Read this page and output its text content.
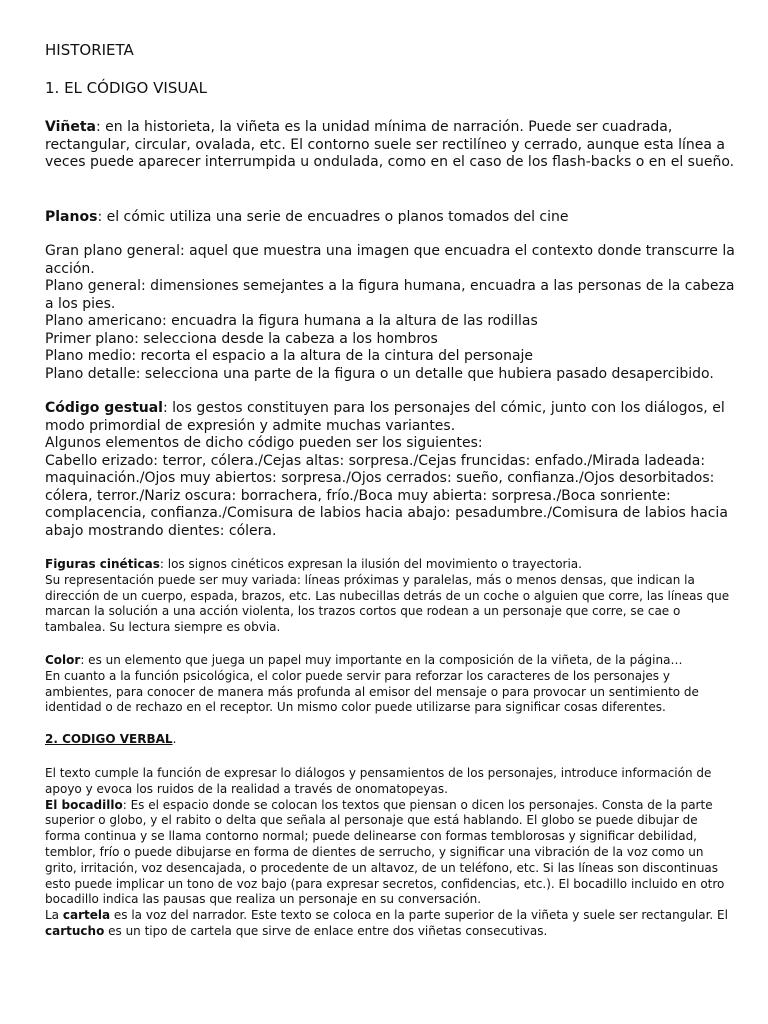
HISTORIETA

1. EL CÓDIGO VISUAL

Viñeta: en la historieta, la viñeta es la unidad mínima de narración. Puede ser cuadrada, rectangular, circular, ovalada, etc. El contorno suele ser rectilíneo y cerrado, aunque esta línea a veces puede aparecer interrumpida u ondulada, como en el caso de los flash-backs o en el sueño.

Planos: el cómic utiliza una serie de encuadres o planos tomados del cine

Gran plano general: aquel que muestra una imagen que encuadra el contexto donde transcurre la acción.

Plano general: dimensiones semejantes a la figura humana, encuadra a las personas de la cabeza a los pies.

Plano americano: encuadra la figura humana a la altura de las rodillas

Primer plano: selecciona desde la cabeza a los hombros

Plano medio: recorta el espacio a la altura de la cintura del personaje

Plano detalle: selecciona una parte de la figura o un detalle que hubiera pasado desapercibido.

Código gestual: los gestos constituyen para los personajes del cómic, junto con los diálogos, el modo primordial de expresión y admite muchas variantes.

Algunos elementos de dicho código pueden ser los siguientes:

Cabello erizado: terror, cólera./Cejas altas: sorpresa./Cejas fruncidas: enfado./Mirada ladeada: maquinación./Ojos muy abiertos: sorpresa./Ojos cerrados: sueño, confianza./Ojos desorbitados: cólera, terror./Nariz oscura: borrachera, frío./Boca muy abierta: sorpresa./Boca sonriente: complacencia, confianza./Comisura de labios hacia abajo: pesadumbre./Comisura de labios hacia abajo mostrando dientes: cólera.

Figuras cinéticas: los signos cinéticos expresan la ilusión del movimiento o trayectoria.

Su representación puede ser muy variada: líneas próximas y paralelas, más o menos densas, que indican la dirección de un cuerpo, espada, brazos, etc. Las nubecillas detrás de un coche o alguien que corre, las líneas que marcan la solución a una acción violenta, los trazos cortos que rodean a un personaje que corre, se cae o tambalea. Su lectura siempre es obvia.

Color: es un elemento que juega un papel muy importante en la composición de la viñeta, de la página…

En cuanto a la función psicológica, el color puede servir para reforzar los caracteres de los personajes y ambientes, para conocer de manera más profunda al emisor del mensaje o para provocar un sentimiento de identidad o de rechazo en el receptor. Un mismo color puede utilizarse para significar cosas diferentes.

2. CODIGO VERBAL.

El texto cumple la función de expresar lo diálogos y pensamientos de los personajes, introduce información de apoyo y evoca los ruidos de la realidad a través de onomatopeyas.

El bocadillo: Es el espacio donde se colocan los textos que piensan o dicen los personajes. Consta de la parte superior o globo, y el rabito o delta que señala al personaje que está hablando. El globo se puede dibujar de forma continua y se llama contorno normal; puede delinearse con formas temblorosas y significar debilidad, temblor, frío o puede dibujarse en forma de dientes de serrucho, y significar una vibración de la voz como un grito, irritación, voz desencajada, o procedente de un altavoz, de un teléfono, etc. Si las líneas son discontinuas esto puede implicar un tono de voz bajo (para expresar secretos, confidencias, etc.). El bocadillo incluido en otro bocadillo indica las pausas que realiza un personaje en su conversación.

La cartela es la voz del narrador. Este texto se coloca en la parte superior de la viñeta y suele ser rectangular. El cartucho es un tipo de cartela que sirve de enlace entre dos viñetas consecutivas.
